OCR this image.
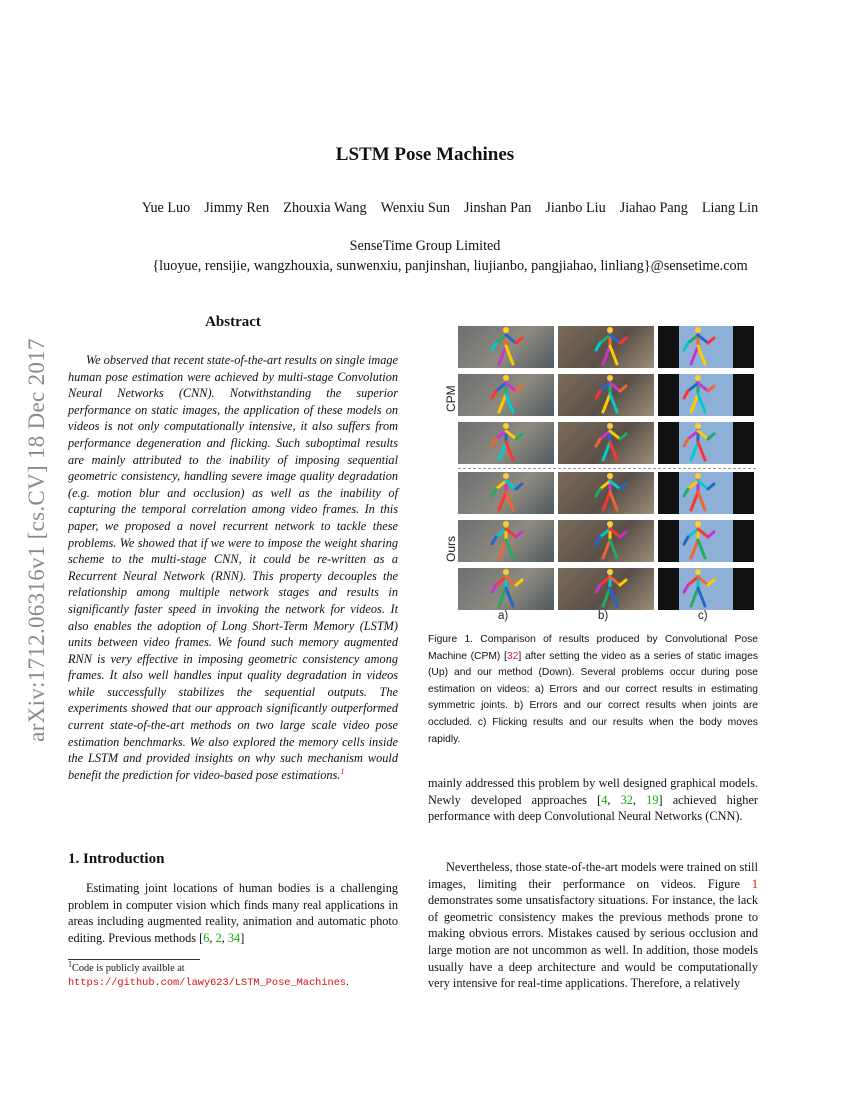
arXiv:1712.06316v1 [cs.CV] 18 Dec 2017
LSTM Pose Machines
Yue Luo Jimmy Ren Zhouxia Wang Wenxiu Sun Jinshan Pan Jianbo Liu Jiahao Pang Liang Lin
SenseTime Group Limited
{luoyue, rensijie, wangzhouxia, sunwenxiu, panjinshan, liujianbo, pangjiahao, linliang}@sensetime.com
Abstract
We observed that recent state-of-the-art results on single image human pose estimation were achieved by multi-stage Convolution Neural Networks (CNN). Notwithstanding the superior performance on static images, the application of these models on videos is not only computationally intensive, it also suffers from performance degeneration and flicking. Such suboptimal results are mainly attributed to the inability of imposing sequential geometric consistency, handling severe image quality degradation (e.g. motion blur and occlusion) as well as the inability of capturing the temporal correlation among video frames. In this paper, we proposed a novel recurrent network to tackle these problems. We showed that if we were to impose the weight sharing scheme to the multi-stage CNN, it could be re-written as a Recurrent Neural Network (RNN). This property decouples the relationship among multiple network stages and results in significantly faster speed in invoking the network for videos. It also enables the adoption of Long Short-Term Memory (LSTM) units between video frames. We found such memory augmented RNN is very effective in imposing geometric consistency among frames. It also well handles input quality degradation in videos while successfully stabilizes the sequential outputs. The experiments showed that our approach significantly outperformed current state-of-the-art methods on two large scale video pose estimation benchmarks. We also explored the memory cells inside the LSTM and provided insights on why such mechanism would benefit the prediction for video-based pose estimations.$^1$
1. Introduction
Estimating joint locations of human bodies is a challenging problem in computer vision which finds many real applications in areas including augmented reality, animation and automatic photo editing. Previous methods [6, 2, 34]
$^1$Code is publicly availble at https://github.com/lawy623/LSTM_Pose_Machines.
CPM
Ours
a)	b)	c)
Figure 1. Comparison of results produced by Convolutional Pose Machine (CPM) [32] after setting the video as a series of static images (Up) and our method (Down). Several problems occur during pose estimation on videos: a) Errors and our correct results in estimating symmetric joints. b) Errors and our correct results when joints are occluded. c) Flicking results and our results when the body moves rapidly.
mainly addressed this problem by well designed graphical models. Newly developed approaches [4, 32, 19] achieved higher performance with deep Convolutional Neural Networks (CNN).
Nevertheless, those state-of-the-art models were trained on still images, limiting their performance on videos. Figure 1 demonstrates some unsatisfactory situations. For instance, the lack of geometric consistency makes the previous methods prone to making obvious errors. Mistakes caused by serious occlusion and large motion are not uncommon as well. In addition, those models usually have a deep architecture and would be computationally very intensive for real-time applications. Therefore, a relatively
